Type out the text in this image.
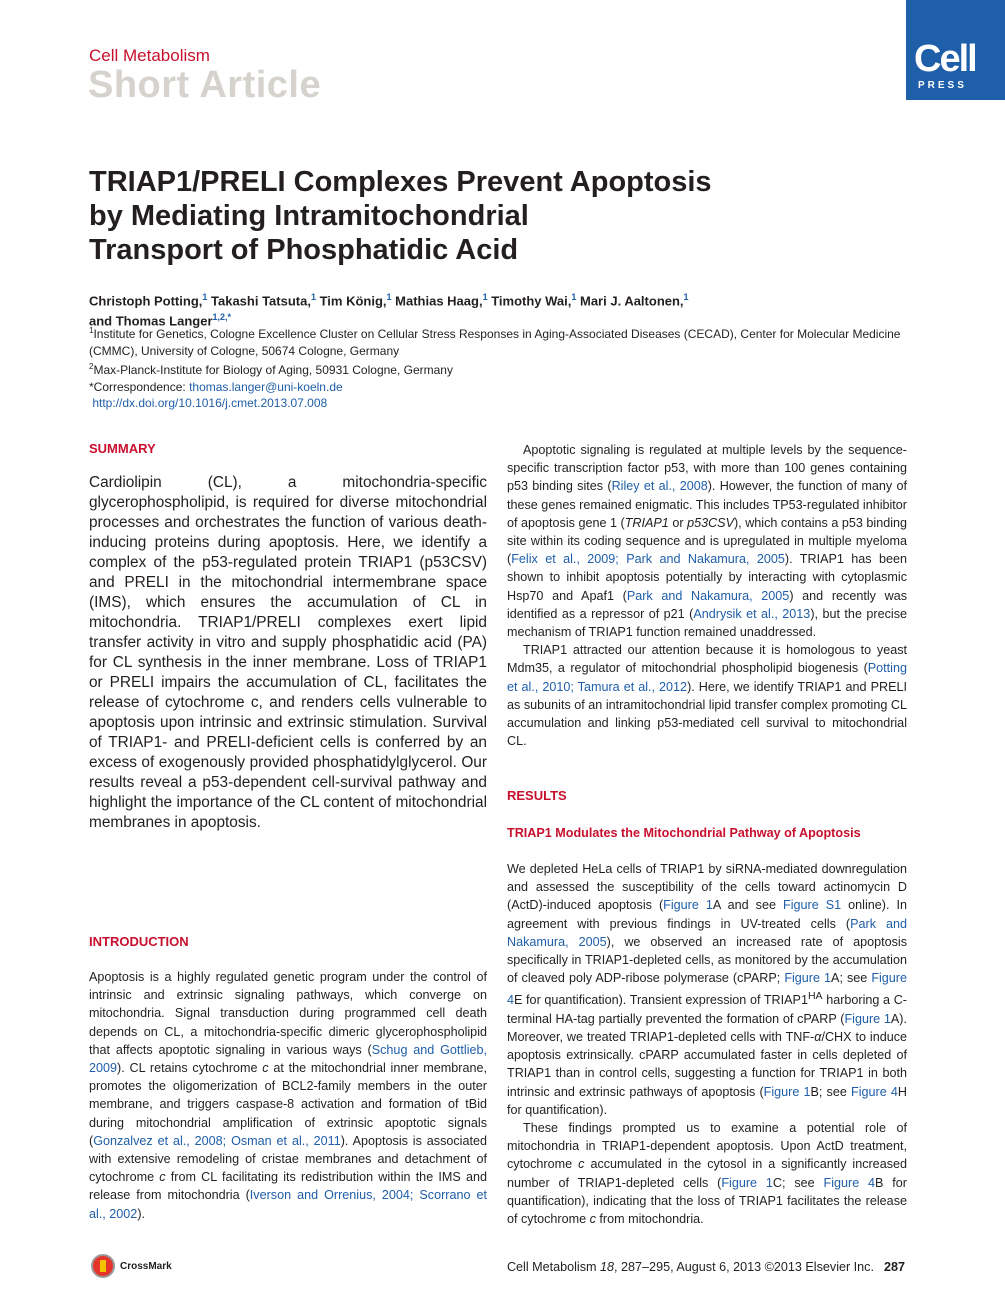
Cell Metabolism
Short Article
Cell
PRESS
TRIAP1/PRELI Complexes Prevent Apoptosis
by Mediating Intramitochondrial
Transport of Phosphatidic Acid
Christoph Potting,$^1$ Takashi Tatsuta,$^1$ Tim König,$^1$ Mathias Haag,$^1$ Timothy Wai,$^1$ Mari J. Aaltonen,$^1$
and Thomas Langer$^{1,2,*}$
$^1$Institute for Genetics, Cologne Excellence Cluster on Cellular Stress Responses in Aging-Associated Diseases (CECAD), Center for Molecular Medicine (CMMC), University of Cologne, 50674 Cologne, Germany
$^2$Max-Planck-Institute for Biology of Aging, 50931 Cologne, Germany
*Correspondence: thomas.langer@uni-koeln.de
http://dx.doi.org/10.1016/j.cmet.2013.07.008
SUMMARY
Cardiolipin (CL), a mitochondria-specific glycerophospholipid, is required for diverse mitochondrial processes and orchestrates the function of various death-inducing proteins during apoptosis. Here, we identify a complex of the p53-regulated protein TRIAP1 (p53CSV) and PRELI in the mitochondrial intermembrane space (IMS), which ensures the accumulation of CL in mitochondria. TRIAP1/PRELI complexes exert lipid transfer activity in vitro and supply phosphatidic acid (PA) for CL synthesis in the inner membrane. Loss of TRIAP1 or PRELI impairs the accumulation of CL, facilitates the release of cytochrome c, and renders cells vulnerable to apoptosis upon intrinsic and extrinsic stimulation. Survival of TRIAP1- and PRELI-deficient cells is conferred by an excess of exogenously provided phosphatidylglycerol. Our results reveal a p53-dependent cell-survival pathway and highlight the importance of the CL content of mitochondrial membranes in apoptosis.
INTRODUCTION

Apoptosis is a highly regulated genetic program under the control of intrinsic and extrinsic signaling pathways, which converge on mitochondria. Signal transduction during programmed cell death depends on CL, a mitochondria-specific dimeric glycerophospholipid that affects apoptotic signaling in various ways (Schug and Gottlieb, 2009). CL retains cytochrome c at the mitochondrial inner membrane, promotes the oligomerization of BCL2-family members in the outer membrane, and triggers caspase-8 activation and formation of tBid during mitochondrial amplification of extrinsic apoptotic signals (Gonzalvez et al., 2008; Osman et al., 2011). Apoptosis is associated with extensive remodeling of cristae membranes and detachment of cytochrome c from CL facilitating its redistribution within the IMS and release from mitochondria (Iverson and Orrenius, 2004; Scorrano et al., 2002).

Apoptotic signaling is regulated at multiple levels by the sequence-specific transcription factor p53, with more than 100 genes containing p53 binding sites (Riley et al., 2008). However, the function of many of these genes remained enigmatic. This includes TP53-regulated inhibitor of apoptosis gene 1 (TRIAP1 or p53CSV), which contains a p53 binding site within its coding sequence and is upregulated in multiple myeloma (Felix et al., 2009; Park and Nakamura, 2005). TRIAP1 has been shown to inhibit apoptosis potentially by interacting with cytoplasmic Hsp70 and Apaf1 (Park and Nakamura, 2005) and recently was identified as a repressor of p21 (Andrysik et al., 2013), but the precise mechanism of TRIAP1 function remained unaddressed.

TRIAP1 attracted our attention because it is homologous to yeast Mdm35, a regulator of mitochondrial phospholipid biogenesis (Potting et al., 2010; Tamura et al., 2012). Here, we identify TRIAP1 and PRELI as subunits of an intramitochondrial lipid transfer complex promoting CL accumulation and linking p53-mediated cell survival to mitochondrial CL.

RESULTS
TRIAP1 Modulates the Mitochondrial Pathway of Apoptosis

We depleted HeLa cells of TRIAP1 by siRNA-mediated downregulation and assessed the susceptibility of the cells toward actinomycin D (ActD)-induced apoptosis (Figure 1A and see Figure S1 online). In agreement with previous findings in UV-treated cells (Park and Nakamura, 2005), we observed an increased rate of apoptosis specifically in TRIAP1-depleted cells, as monitored by the accumulation of cleaved poly ADP-ribose polymerase (cPARP; Figure 1A; see Figure 4E for quantification). Transient expression of $TRIAP1^{HA}$ harboring a C-terminal HA-tag partially prevented the formation of cPARP (Figure 1A). Moreover, we treated TRIAP1-depleted cells with TNF-α/CHX to induce apoptosis extrinsically. cPARP accumulated faster in cells depleted of TRIAP1 than in control cells, suggesting a function for TRIAP1 in both intrinsic and extrinsic pathways of apoptosis (Figure 1B; see Figure 4H for quantification).

These findings prompted us to examine a potential role of mitochondria in TRIAP1-dependent apoptosis. Upon ActD treatment, cytochrome c accumulated in the cytosol in a significantly increased number of TRIAP1-depleted cells (Figure 1C; see Figure 4B for quantification), indicating that the loss of TRIAP1 facilitates the release of cytochrome c from mitochondria.

CrossMark	Cell Metabolism 18, 287–295, August 6, 2013 ©2013 Elsevier Inc. 287
